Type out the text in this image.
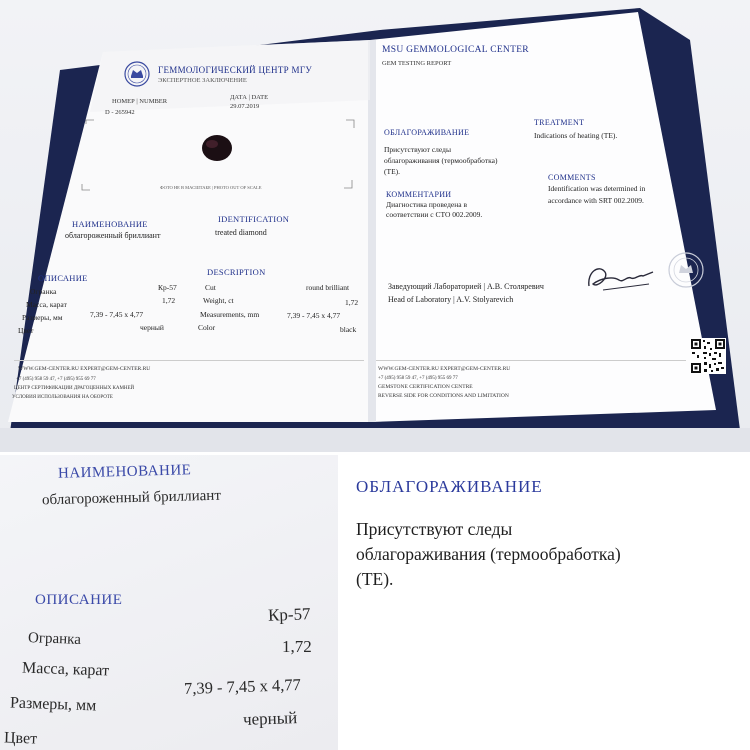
ГЕММОЛОГИЧЕСКИЙ ЦЕНТР МГУ
ЭКСПЕРТНОЕ ЗАКЛЮЧЕНИЕ
НОМЕР | NUMBER
D - 265942
ДАТА | DATE
29.07.2019
ФОТО НЕ В МАСШТАБЕ | PHOTO OUT OF SCALE
НАИМЕНОВАНИЕ
облагороженный бриллиант
IDENTIFICATION
treated diamond
ОПИСАНИЕ
DESCRIPTION
Огранка	Кр-57	Cut	round brilliant
Масса, карат	1,72	Weight, ct	1,72
Размеры, мм	7,39 - 7,45 x 4,77	Measurements, mm	7,39 - 7,45 x 4,77
Цвет	черный	Color	black
WWW.GEM-CENTER.RU EXPERT@GEM-CENTER.RU
+7 (495) 958 59 47, +7 (495) 955 69 77
ЦЕНТР СЕРТИФИКАЦИИ ДРАГОЦЕННЫХ КАМНЕЙ
УСЛОВИЯ ИСПОЛЬЗОВАНИЯ НА ОБОРОТЕ
MSU GEMMOLOGICAL CENTER
GEM TESTING REPORT
ОБЛАГОРАЖИВАНИЕ
Присутствуют следы
облагораживания (термообработка)
(TE).
TREATMENT
Indications of heating (TE).
КОММЕНТАРИИ
Диагностика проведена в
соответствии с СТО 002.2009.
COMMENTS
Identification was determined in
accordance with SRT 002.2009.
Заведующий Лабораторией | А.В. Столяревич
Head of Laboratory | A.V. Stolyarevich
WWW.GEM-CENTER.RU EXPERT@GEM-CENTER.RU
+7 (495) 958 59 47, +7 (495) 955 69 77
GEMSTONE CERTIFICATION CENTRE
REVERSE SIDE FOR CONDITIONS AND LIMITATION
НАИМЕНОВАНИЕ
облагороженный бриллиант
ОПИСАНИЕ
Огранка
Кр-57
Масса, карат
1,72
Размеры, мм
7,39 - 7,45 x 4,77
Цвет
черный
ОБЛАГОРАЖИВАНИЕ
Присутствуют следы
облагораживания (термообработка)
(TE).
